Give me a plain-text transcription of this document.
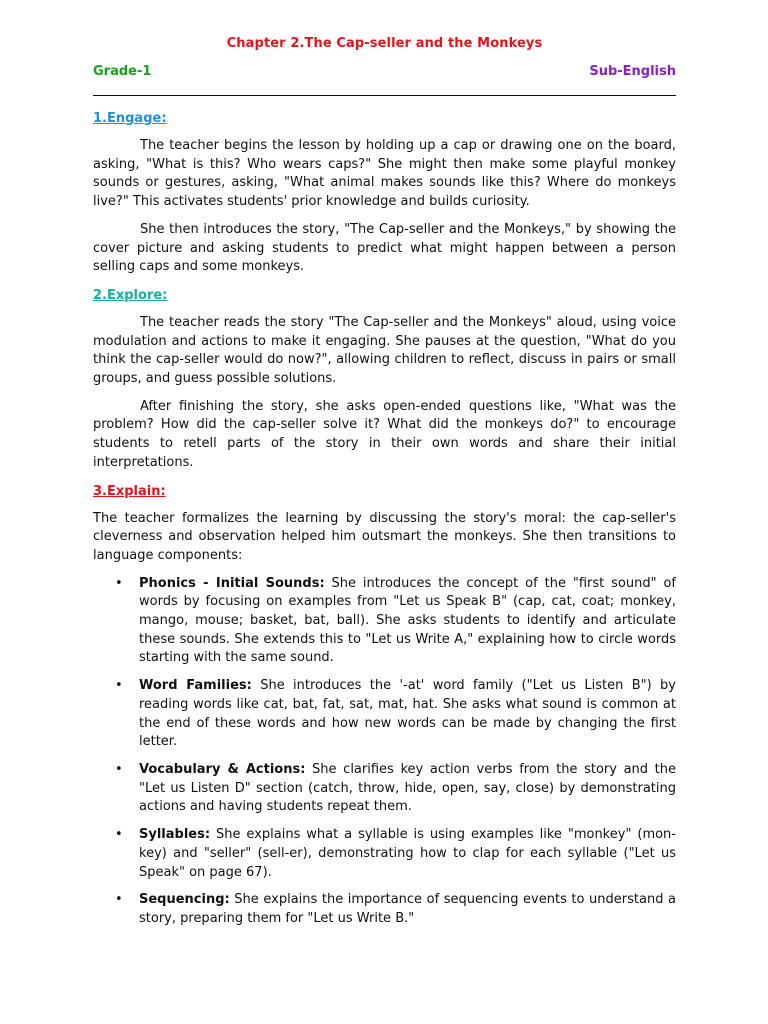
Chapter 2.The Cap-seller and the Monkeys
Grade-1	Sub-English
1.Engage:

The teacher begins the lesson by holding up a cap or drawing one on the board, asking, "What is this? Who wears caps?" She might then make some playful monkey sounds or gestures, asking, "What animal makes sounds like this? Where do monkeys live?" This activates students' prior knowledge and builds curiosity.

She then introduces the story, "The Cap-seller and the Monkeys," by showing the cover picture and asking students to predict what might happen between a person selling caps and some monkeys.

2.Explore:

The teacher reads the story "The Cap-seller and the Monkeys" aloud, using voice modulation and actions to make it engaging. She pauses at the question, "What do you think the cap-seller would do now?", allowing children to reflect, discuss in pairs or small groups, and guess possible solutions.

After finishing the story, she asks open-ended questions like, "What was the problem? How did the cap-seller solve it? What did the monkeys do?" to encourage students to retell parts of the story in their own words and share their initial interpretations.

3.Explain:

The teacher formalizes the learning by discussing the story's moral: the cap-seller's cleverness and observation helped him outsmart the monkeys. She then transitions to language components:

• Phonics - Initial Sounds: She introduces the concept of the "first sound" of words by focusing on examples from "Let us Speak B" (cap, cat, coat; monkey, mango, mouse; basket, bat, ball). She asks students to identify and articulate these sounds. She extends this to "Let us Write A," explaining how to circle words starting with the same sound.
• Word Families: She introduces the '-at' word family ("Let us Listen B") by reading words like cat, bat, fat, sat, mat, hat. She asks what sound is common at the end of these words and how new words can be made by changing the first letter.
• Vocabulary & Actions: She clarifies key action verbs from the story and the "Let us Listen D" section (catch, throw, hide, open, say, close) by demonstrating actions and having students repeat them.
• Syllables: She explains what a syllable is using examples like "monkey" (mon-key) and "seller" (sell-er), demonstrating how to clap for each syllable ("Let us Speak" on page 67).
• Sequencing: She explains the importance of sequencing events to understand a story, preparing them for "Let us Write B."
